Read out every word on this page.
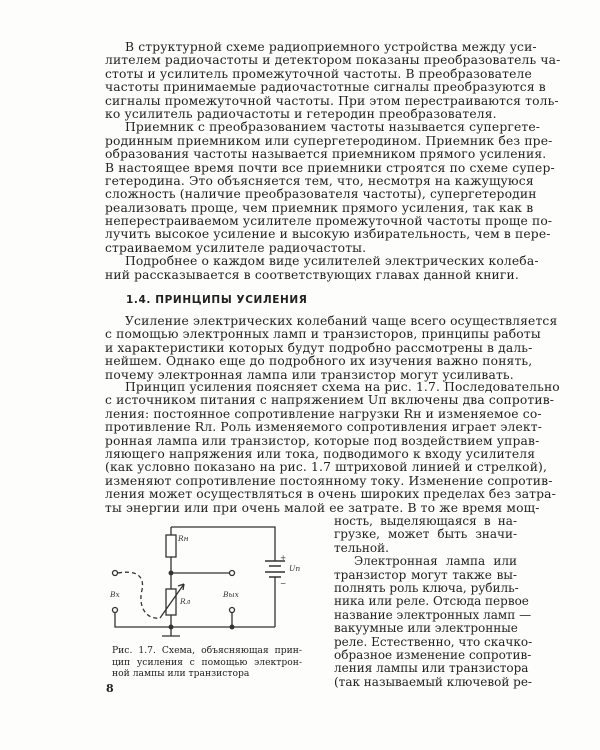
В структурной схеме радиоприемного устройства между уси-
лителем радиочастоты и детектором показаны преобразователь ча-
стоты и усилитель промежуточной частоты. В преобразователе
частоты принимаемые радиочастотные сигналы преобразуются в
сигналы промежуточной частоты. При этом перестраиваются толь-
ко усилитель радиочастоты и гетеродин преобразователя.
Приемник с преобразованием частоты называется супергете-
родинным приемником или супергетеродином. Приемник без пре-
образования частоты называется приемником прямого усиления.
В настоящее время почти все приемники строятся по схеме супер-
гетеродина. Это объясняется тем, что, несмотря на кажущуюся
сложность (наличие преобразователя частоты), супергетеродин
реализовать проще, чем приемник прямого усиления, так как в
неперестраиваемом усилителе промежуточной частоты проще по-
лучить высокое усиление и высокую избирательность, чем в пере-
страиваемом усилителе радиочастоты.
Подробнее о каждом виде усилителей электрических колеба-
ний рассказывается в соответствующих главах данной книги.
1.4. ПРИНЦИПЫ УСИЛЕНИЯ
Усиление электрических колебаний чаще всего осуществляется
с помощью электронных ламп и транзисторов, принципы работы
и характеристики которых будут подробно рассмотрены в даль-
нейшем. Однако еще до подробного их изучения важно понять,
почему электронная лампа или транзистор могут усиливать.
Принцип усиления поясняет схема на рис. 1.7. Последовательно
с источником питания с напряжением Uп включены два сопротив-
ления: постоянное сопротивление нагрузки Rн и изменяемое со-
противление Rл. Роль изменяемого сопротивления играет элект-
ронная лампа или транзистор, которые под воздействием управ-
ляющего напряжения или тока, подводимого к входу усилителя
(как условно показано на рис. 1.7 штриховой линией и стрелкой),
изменяют сопротивление постоянному току. Изменение сопротив-
ления может осуществляться в очень широких пределах без затра-
ты энергии или при очень малой ее затрате. В то же время мощ-
ность, выделяющаяся в на-
грузке, может быть значи-
тельной.
Электронная лампа или
транзистор могут также вы-
полнять роль ключа, рубиль-
ника или реле. Отсюда первое
название электронных ламп —
вакуумные или электронные
реле. Естественно, что скачко-
образное изменение сопротив-
ления лампы или транзистора
(так называемый ключевой ре-
Rн
Rл
Uп
+
−
Вх	Вых
Рис. 1.7. Схема, объясняющая прин-
цип усиления с помощью электрон-
ной лампы или транзистора
8
